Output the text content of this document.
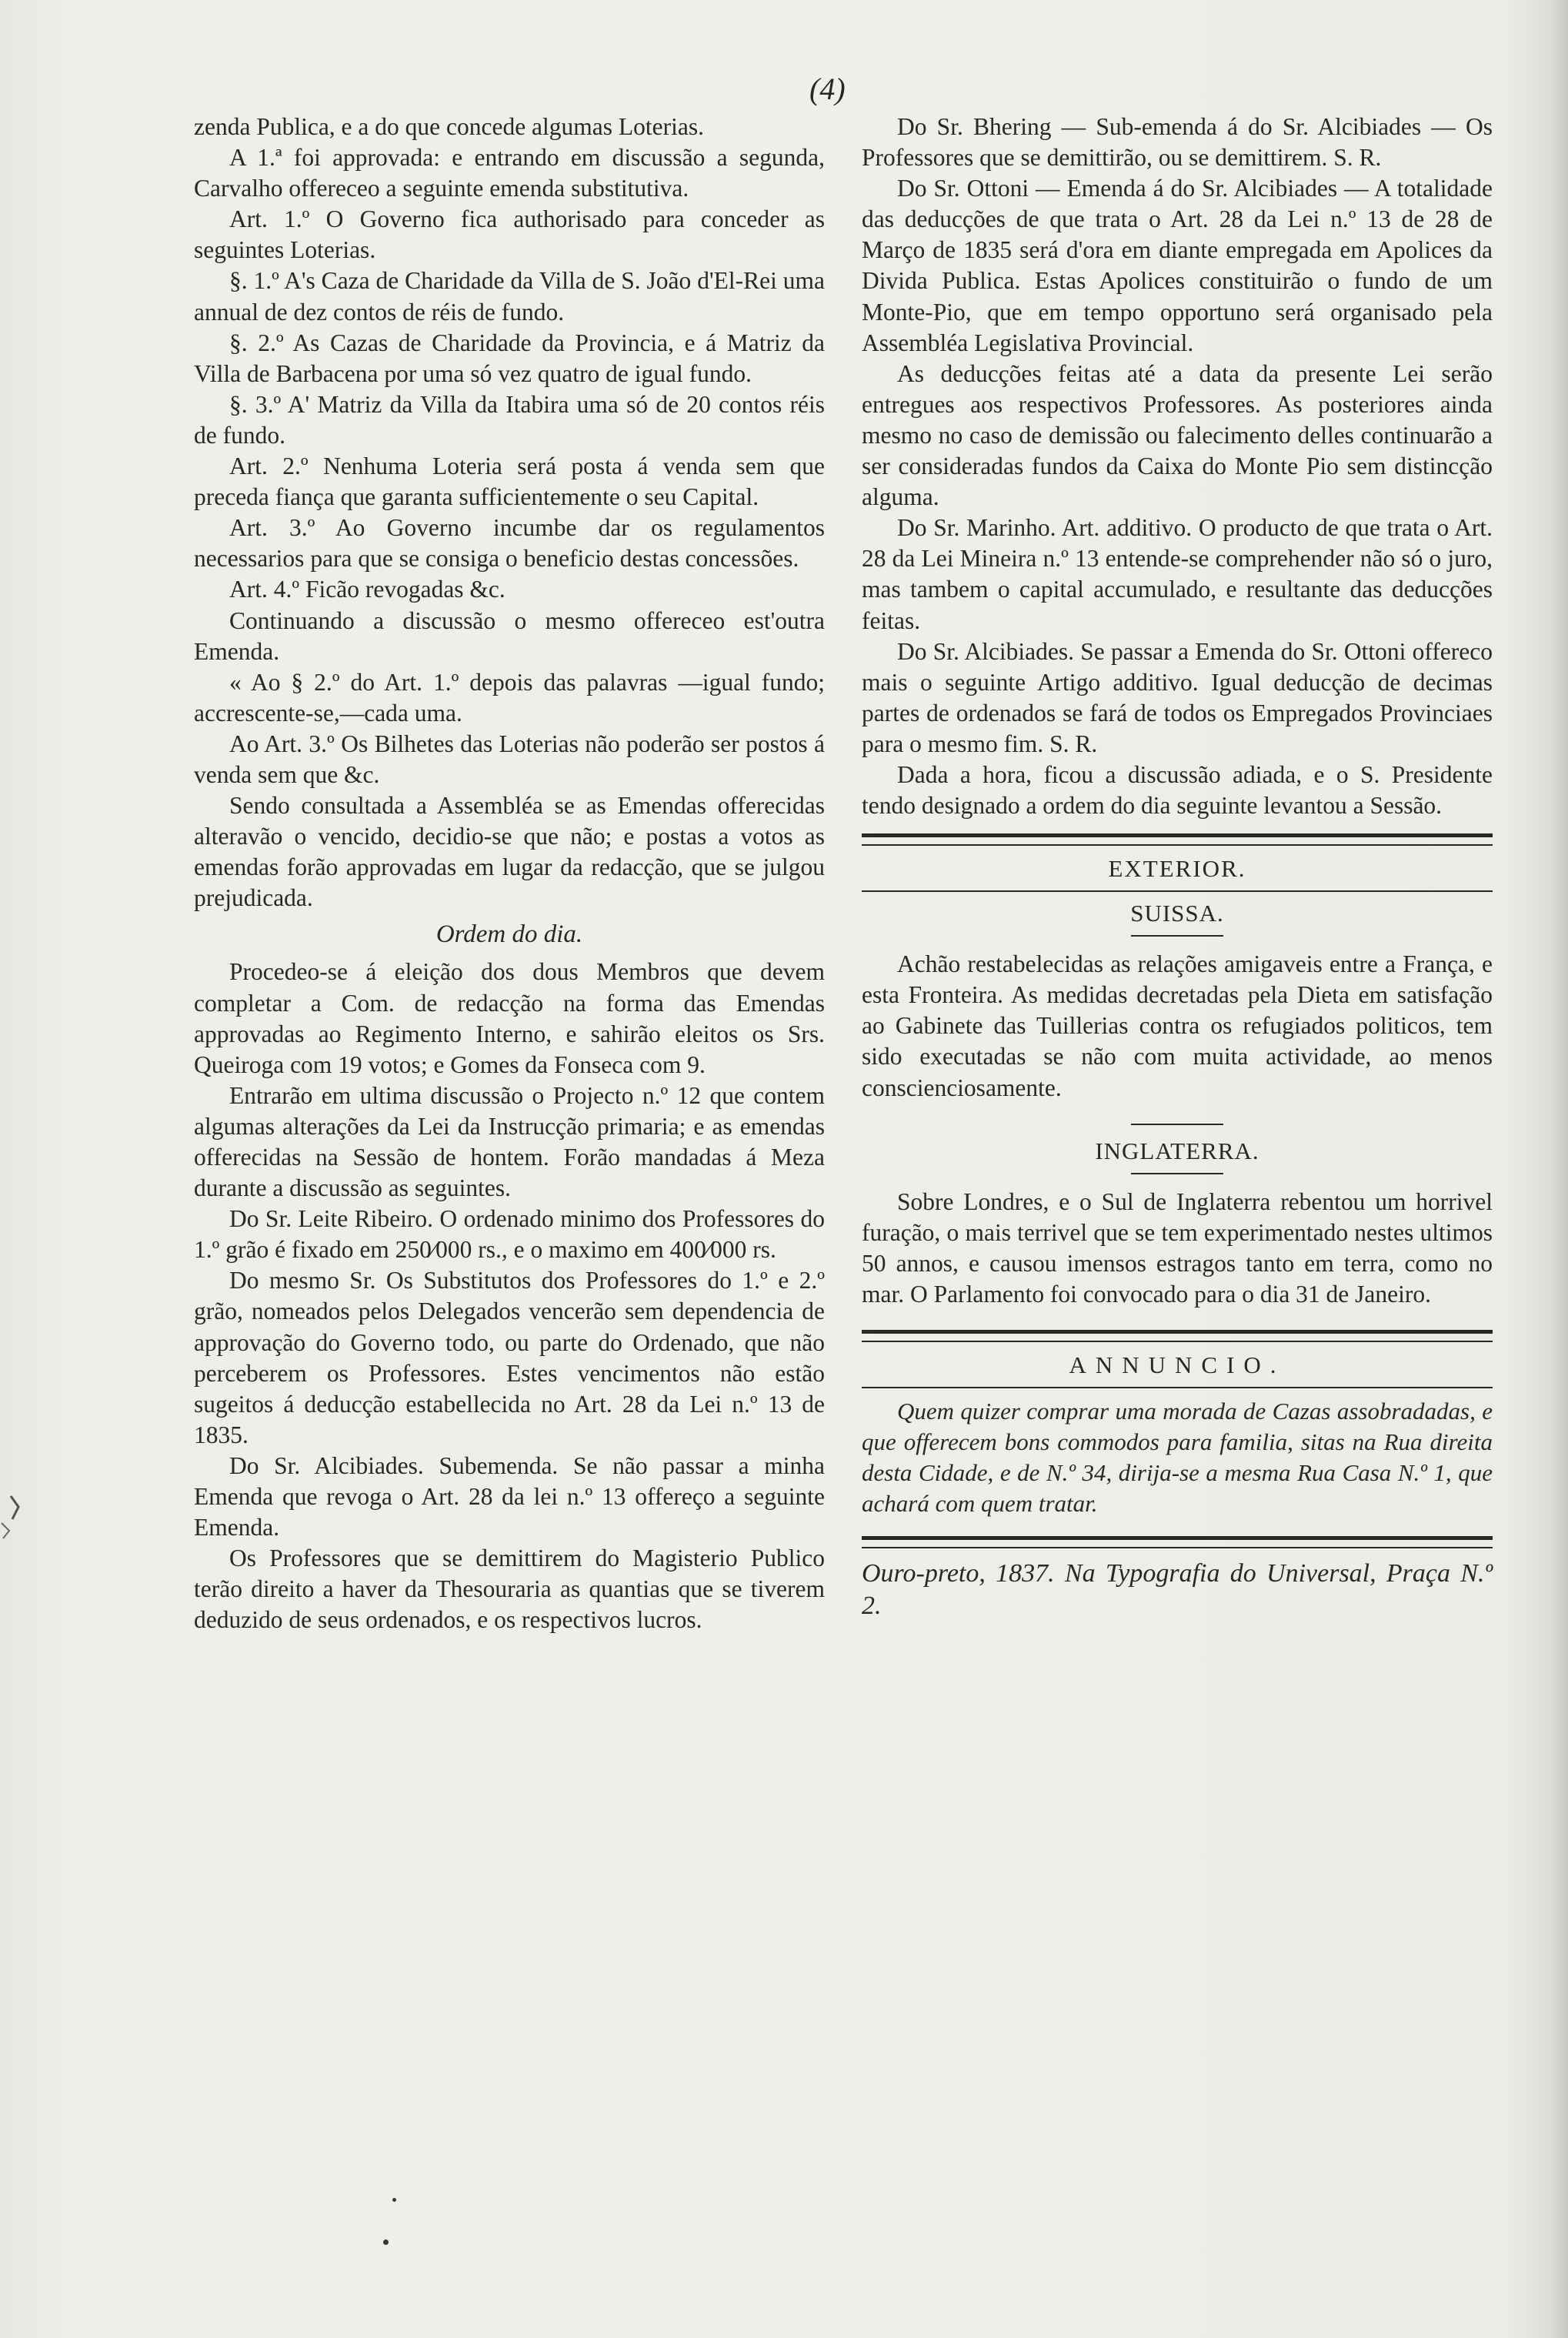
(4)

zenda Publica, e a do que concede algumas Loterias.

A 1.ª foi approvada: e entrando em discussão a segunda, Carvalho offereceo a seguinte emenda substitutiva.

Art. 1.º O Governo fica authorisado para conceder as seguintes Loterias.

§. 1.º A's Caza de Charidade da Villa de S. João d'El-Rei uma annual de dez contos de réis de fundo.

§. 2.º As Cazas de Charidade da Provincia, e á Matriz da Villa de Barbacena por uma só vez quatro de igual fundo.

§. 3.º A' Matriz da Villa da Itabira uma só de 20 contos réis de fundo.

Art. 2.º Nenhuma Loteria será posta á venda sem que preceda fiança que garanta sufficientemente o seu Capital.

Art. 3.º Ao Governo incumbe dar os regulamentos necessarios para que se consiga o beneficio destas concessões.

Art. 4.º Ficão revogadas &c.

Continuando a discussão o mesmo offereceo est'outra Emenda.

« Ao § 2.º do Art. 1.º depois das palavras —igual fundo; accrescente-se,—cada uma.

Ao Art. 3.º Os Bilhetes das Loterias não poderão ser postos á venda sem que &c.

Sendo consultada a Assembléa se as Emendas offerecidas alteravão o vencido, decidio-se que não; e postas a votos as emendas forão approvadas em lugar da redacção, que se julgou prejudicada.

Ordem do dia.

Procedeo-se á eleição dos dous Membros que devem completar a Com. de redacção na forma das Emendas approvadas ao Regimento Interno, e sahirão eleitos os Srs. Queiroga com 19 votos; e Gomes da Fonseca com 9.

Entrarão em ultima discussão o Projecto n.º 12 que contem algumas alterações da Lei da Instrucção primaria; e as emendas offerecidas na Sessão de hontem. Forão mandadas á Meza durante a discussão as seguintes.

Do Sr. Leite Ribeiro. O ordenado minimo dos Professores do 1.º grão é fixado em 250⁄000 rs., e o maximo em 400⁄000 rs.

Do mesmo Sr. Os Substitutos dos Professores do 1.º e 2.º grão, nomeados pelos Delegados vencerão sem dependencia de approvação do Governo todo, ou parte do Ordenado, que não perceberem os Professores. Estes vencimentos não estão sugeitos á deducção estabellecida no Art. 28 da Lei n.º 13 de 1835.

Do Sr. Alcibiades. Subemenda. Se não passar a minha Emenda que revoga o Art. 28 da lei n.º 13 offereço a seguinte Emenda.

Os Professores que se demittirem do Magisterio Publico terão direito a haver da Thesouraria as quantias que se tiverem deduzido de seus ordenados, e os respectivos lucros.

Do Sr. Bhering — Sub-emenda á do Sr. Alcibiades — Os Professores que se demittirão, ou se demittirem. S. R.

Do Sr. Ottoni — Emenda á do Sr. Alcibiades — A totalidade das deducções de que trata o Art. 28 da Lei n.º 13 de 28 de Março de 1835 será d'ora em diante empregada em Apolices da Divida Publica. Estas Apolices constituirão o fundo de um Monte-Pio, que em tempo opportuno será organisado pela Assembléa Legislativa Provincial.

As deducções feitas até a data da presente Lei serão entregues aos respectivos Professores. As posteriores ainda mesmo no caso de demissão ou falecimento delles continuarão a ser consideradas fundos da Caixa do Monte Pio sem distincção alguma.

Do Sr. Marinho. Art. additivo. O producto de que trata o Art. 28 da Lei Mineira n.º 13 entende-se comprehender não só o juro, mas tambem o capital accumulado, e resultante das deducções feitas.

Do Sr. Alcibiades. Se passar a Emenda do Sr. Ottoni offereco mais o seguinte Artigo additivo. Igual deducção de decimas partes de ordenados se fará de todos os Empregados Provinciaes para o mesmo fim. S. R.

Dada a hora, ficou a discussão adiada, e o S. Presidente tendo designado a ordem do dia seguinte levantou a Sessão.

EXTERIOR.
SUISSA.

Achão restabelecidas as relações amigaveis entre a França, e esta Fronteira. As medidas decretadas pela Dieta em satisfação ao Gabinete das Tuillerias contra os refugiados politicos, tem sido executadas se não com muita actividade, ao menos conscienciosamente.

INGLATERRA.

Sobre Londres, e o Sul de Inglaterra rebentou um horrivel furação, o mais terrivel que se tem experimentado nestes ultimos 50 annos, e causou imensos estragos tanto em terra, como no mar. O Parlamento foi convocado para o dia 31 de Janeiro.

ANNUNCIO.

Quem quizer comprar uma morada de Cazas assobradadas, e que offerecem bons commodos para familia, sitas na Rua direita desta Cidade, e de N.º 34, dirija-se a mesma Rua Casa N.º 1, que achará com quem tratar.

Ouro-preto, 1837. Na Typografia do Universal, Praça N.º 2.
